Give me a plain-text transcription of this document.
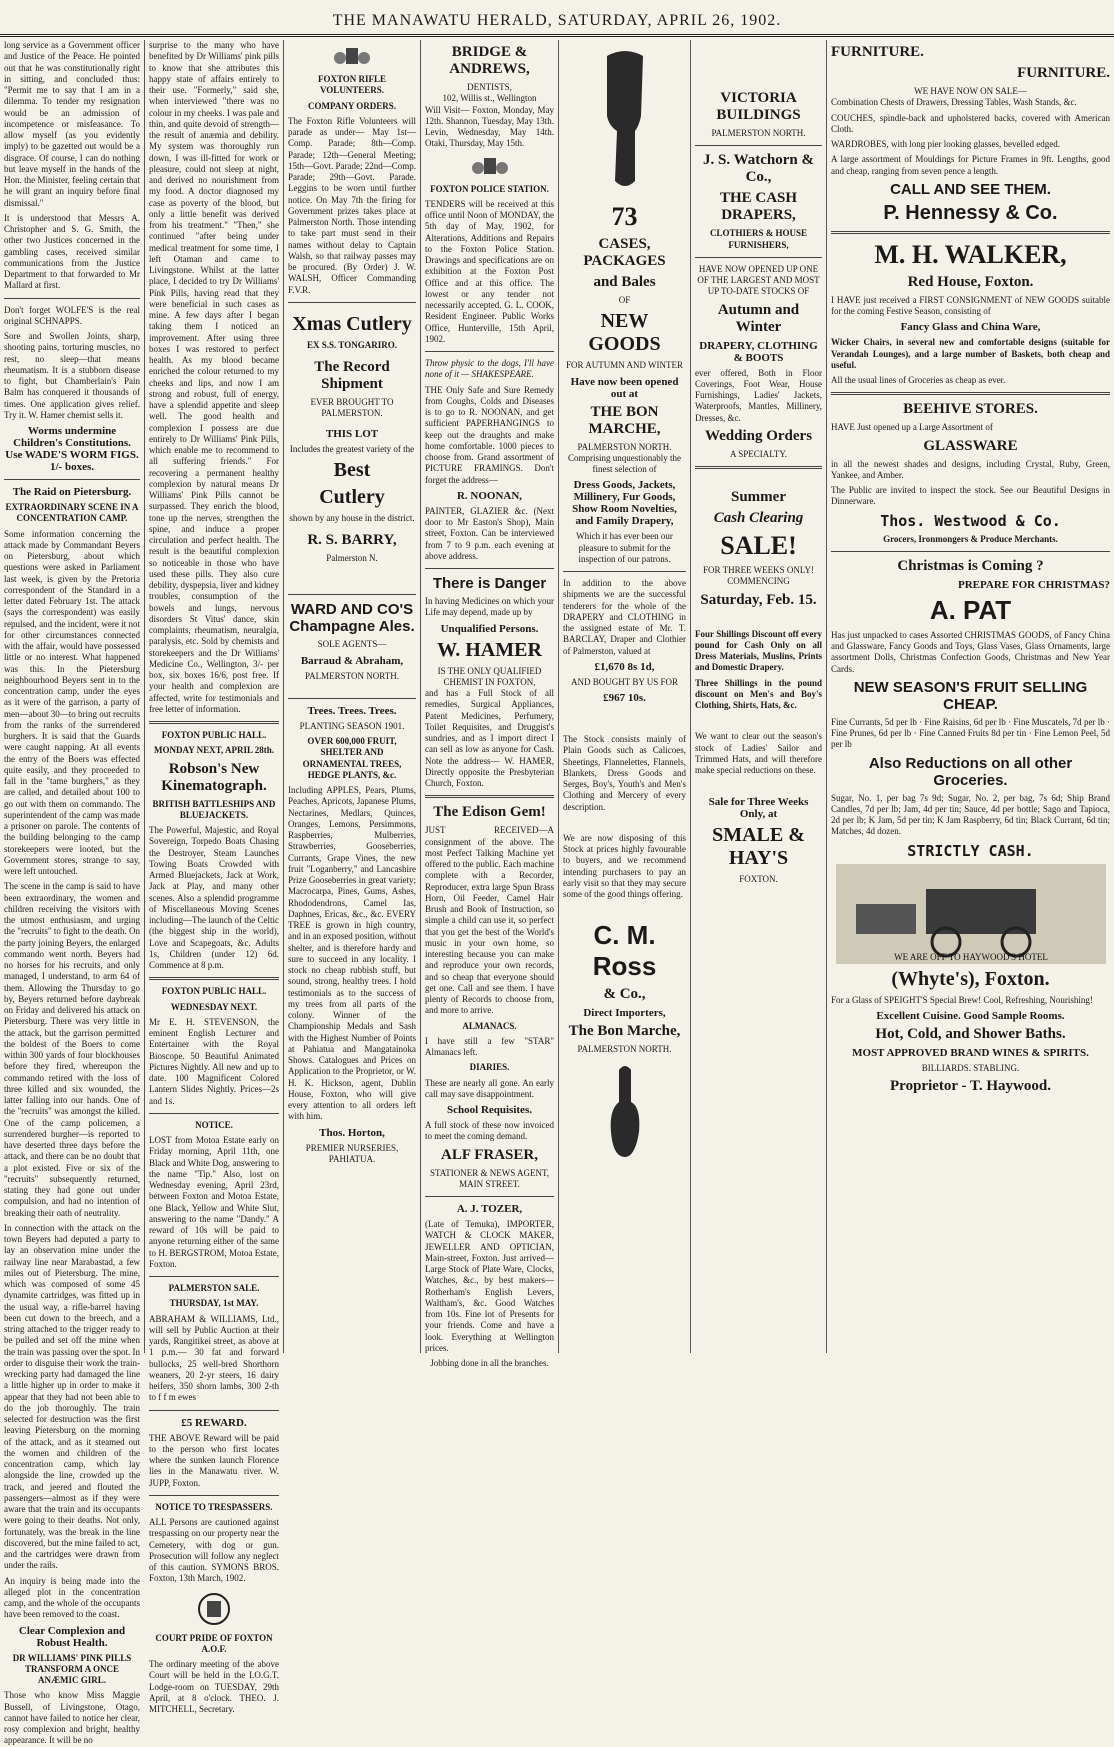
THE MANAWATU HERALD, SATURDAY, APRIL 26, 1902.

long service as a Government officer and Justice of the Peace. He pointed out that he was constitutionally right in sitting, and concluded thus: "Permit me to say that I am in a dilemma. To tender my resignation would be an admission of incompetence or misfeasance. To allow myself (as you evidently imply) to be gazetted out would be a disgrace. Of course, I can do nothing but leave myself in the hands of the Hon. the Minister, feeling certain that he will grant an inquiry before final dismissal."

It is understood that Messrs A. Christopher and S. G. Smith, the other two Justices concerned in the gambling cases, received similar communications from the Justice Department to that forwarded to Mr Mallard at first.

Don't forget WOLFE'S is the real original SCHNAPPS.

Sore and Swollen Joints, sharp, shooting pains, torturing muscles, no rest, no sleep—that means rheumatism. It is a stubborn disease to fight, but Chamberlain's Pain Balm has conquered it thousands of times. One application gives relief. Try it. W. Hamer chemist sells it.

Worms undermine Children's Constitutions. Use WADE'S WORM FIGS. 1/- boxes.
The Raid on Pietersburg.
EXTRAORDINARY SCENE IN A CONCENTRATION CAMP.

Some information concerning the attack made by Commandant Beyers on Pietersburg, about which questions were asked in Parliament last week, is given by the Pretoria correspondent of the Standard in a letter dated February 1st. The attack (says the correspondent) was easily repulsed, and the incident, were it not for other circumstances connected with the affair, would have possessed little or no interest. What happened was this. In the Pietersburg neighbourhood Beyers sent in to the concentration camp, under the eyes as it were of the garrison, a party of men—about 30—to bring out recruits from the ranks of the surrendered burghers. It is said that the Guards were caught napping. At all events the entry of the Boers was effected quite easily, and they proceeded to fall in the "tame burghers," as they are called, and detailed about 100 to go out with them on commando. The superintendent of the camp was made a prisoner on parole. The contents of the building belonging to the camp storekeepers were looted, but the Government stores, strange to say, were left untouched.

The scene in the camp is said to have been extraordinary, the women and children receiving the visitors with the utmost enthusiasm, and urging the "recruits" to fight to the death. On the party joining Beyers, the enlarged commando went north. Beyers had no horses for his recruits, and only managed, I understand, to arm 64 of them. Allowing the Thursday to go by, Beyers returned before daybreak on Friday and delivered his attack on Pietersburg. There was very little in the attack, but the garrison permitted the boldest of the Boers to come within 300 yards of four blockhouses before they fired, whereupon the commando retired with the loss of three killed and six wounded, the latter falling into our hands. One of the "recruits" was amongst the killed. One of the camp policemen, a surrendered burgher—is reported to have deserted three days before the attack, and there can be no doubt that a plot existed. Five or six of the "recruits" subsequently returned, stating they had gone out under compulsion, and had no intention of breaking their oath of neutrality.

In connection with the attack on the town Beyers had deputed a party to lay an observation mine under the railway line near Marabastad, a few miles out of Pietersburg. The mine, which was composed of some 45 dynamite cartridges, was fitted up in the usual way, a rifle-barrel having been cut down to the breech, and a string attached to the trigger ready to be pulled and set off the mine when the train was passing over the spot. In order to disguise their work the train-wrecking party had damaged the line a little higher up in order to make it appear that they had not been able to do the job thoroughly. The train selected for destruction was the first leaving Pietersburg on the morning of the attack, and as it steamed out the women and children of the concentration camp, which lay alongside the line, crowded up the track, and jeered and flouted the passengers—almost as if they were aware that the train and its occupants were going to their deaths. Not only, fortunately, was the break in the line discovered, but the mine failed to act, and the cartridges were drawn from under the rails.

An inquiry is being made into the alleged plot in the concentration camp, and the whole of the occupants have been removed to the coast.

Clear Complexion and Robust Health.
DR WILLIAMS' PINK PILLS TRANSFORM A ONCE ANÆMIC GIRL.

Those who know Miss Maggie Bussell, of Livingstone, Otago, cannot have failed to notice her clear, rosy complexion and bright, healthy appearance. It will be no

surprise to the many who have benefited by Dr Williams' pink pills to know that she attributes this happy state of affairs entirely to their use. "Formerly," said she, when interviewed "there was no colour in my cheeks. I was pale and thin, and quite devoid of strength—the result of anæmia and debility. My system was thoroughly run down, I was ill-fitted for work or pleasure, could not sleep at night, and derived no nourishment from my food. A doctor diagnosed my case as poverty of the blood, but only a little benefit was derived from his treatment." "Then," she continued "after being under medical treatment for some time, I left Otaman and came to Livingstone. Whilst at the latter place, I decided to try Dr Williams' Pink Pills, having read that they were beneficial in such cases as mine. A few days after I began taking them I noticed an improvement. After using three boxes I was restored to perfect health. As my blood became enriched the colour returned to my cheeks and lips, and now I am strong and robust, full of energy, have a splendid appetite and sleep well. The good health and complexion I possess are due entirely to Dr Williams' Pink Pills, which enable me to recommend to all suffering friends." For recovering a permanent healthy complexion by natural means Dr Williams' Pink Pills cannot be surpassed. They enrich the blood, tone up the nerves, strengthen the spine, and induce a proper circulation and perfect health. The result is the beautiful complexion so noticeable in those who have used these pills. They also cure debility, dyspepsia, liver and kidney troubles, consumption of the bowels and lungs, nervous disorders St Vitus' dance, skin complaints, rheumatism, neuralgia, paralysis, etc. Sold by chemists and storekeepers and the Dr Williams' Medicine Co., Wellington, 3/- per box, six boxes 16/6, post free. If your health and complexion are affected, write for testimonials and free letter of information.

FOXTON PUBLIC HALL.
MONDAY NEXT, APRIL 28th.
Robson's New Kinematograph.
BRITISH BATTLESHIPS AND BLUEJACKETS.

The Powerful, Majestic, and Royal Sovereign, Torpedo Boats Chasing the Destroyer, Steam Launches Towing Boats Crowded with Armed Bluejackets, Jack at Work, Jack at Play, and many other scenes. Also a splendid programme of Miscellaneous Moving Scenes including—The launch of the Celtic (the biggest ship in the world), Love and Scapegoats, &c. Adults 1s, Children (under 12) 6d. Commence at 8 p.m.

FOXTON PUBLIC HALL.
WEDNESDAY NEXT.

Mr E. H. STEVENSON, the eminent English Lecturer and Entertainer with the Royal Bioscope. 50 Beautiful Animated Pictures Nightly. All new and up to date. 100 Magnificent Colored Lantern Slides Nightly. Prices—2s and 1s.

NOTICE.

LOST from Motoa Estate early on Friday morning, April 11th, one Black and White Dog, answering to the name "Tip." Also, lost on Wednesday evening, April 23rd, between Foxton and Motoa Estate, one Black, Yellow and White Slut, answering to the name "Dandy." A reward of 10s will be paid to anyone returning either of the same to H. BERGSTROM, Motoa Estate, Foxton.

PALMERSTON SALE.
THURSDAY, 1st MAY.

ABRAHAM & WILLIAMS, Ltd., will sell by Public Auction at their yards, Rangitikei street, as above at 1 p.m.— 30 fat and forward bullocks, 25 well-bred Shorthorn weaners, 20 2-yr steers, 16 dairy heifers, 350 shorn lambs, 300 2-th to f f m ewes

£5 REWARD.

THE ABOVE Reward will be paid to the person who first locates where the sunken launch Florence lies in the Manawatu river. W. JUPP, Foxton.

NOTICE TO TRESPASSERS.

ALL Persons are cautioned against trespassing on our property near the Cemetery, with dog or gun. Prosecution will follow any neglect of this caution. SYMONS BROS. Foxton, 13th March, 1902.

COURT PRIDE OF FOXTON A.O.F.

The ordinary meeting of the above Court will be held in the I.O.G.T. Lodge-room on TUESDAY, 29th April, at 8 o'clock. THEO. J. MITCHELL, Secretary.

FOXTON RIFLE VOLUNTEERS.
COMPANY ORDERS.

The Foxton Rifle Volunteers will parade as under— May 1st—Comp. Parade; 8th—Comp. Parade; 12th—General Meeting; 15th—Govt. Parade; 22nd—Comp. Parade; 29th—Govt. Parade. Leggins to be worn until further notice. On May 7th the firing for Government prizes takes place at Palmerston North. Those intending to take part must send in their names without delay to Captain Walsh, so that railway passes may be procured. (By Order) J. W. WALSH, Officer Commanding F.V.R.

Xmas Cutlery
EX S.S. TONGARIRO.
The Record Shipment
EVER BROUGHT TO PALMERSTON.
THIS LOT
Includes the greatest variety of the
Best
Cutlery
shown by any house in the district.
R. S. BARRY,
Palmerston N.
WARD AND CO'S Champagne Ales.
SOLE AGENTS—
Barraud & Abraham,
PALMERSTON NORTH.
Trees. Trees. Trees.
PLANTING SEASON 1901.
OVER 600,000 FRUIT, SHELTER AND ORNAMENTAL TREES, HEDGE PLANTS, &c.

Including APPLES, Pears, Plums, Peaches, Apricots, Japanese Plums, Nectarines, Medlars, Quinces, Oranges, Lemons, Persimmons, Raspberries, Mulberries, Strawberries, Gooseberries, Currants, Grape Vines, the new fruit "Loganberry," and Lancashire Prize Gooseberries in great variety; Macrocarpa, Pines, Gums, Ashes, Rhododendrons, Camel Ias, Daphnes, Ericas, &c., &c. EVERY TREE is grown in high country, and in an exposed position, without shelter, and is therefore hardy and sure to succeed in any locality. I stock no cheap rubbish stuff, but sound, strong, healthy trees. I hold testimonials as to the success of my trees from all parts of the colony. Winner of the Championship Medals and Sash with the Highest Number of Points at Pahiatua and Mangatainoka Shows. Catalogues and Prices on Application to the Proprietor, or W. H. K. Hickson, agent, Dublin House, Foxton, who will give every attention to all orders left with him.

Thos. Horton,
PREMIER NURSERIES, PAHIATUA.
BRIDGE & ANDREWS,
DENTISTS,
102, Willis st., Wellington

Will Visit— Foxton, Monday, May 12th. Shannon, Tuesday, May 13th. Levin, Wednesday, May 14th. Otaki, Thursday, May 15th.

FOXTON POLICE STATION.

TENDERS will be received at this office until Noon of MONDAY, the 5th day of May, 1902, for Alterations, Additions and Repairs to the Foxton Police Station. Drawings and specifications are on exhibition at the Foxton Post Office and at this office. The lowest or any tender not necessarily accepted. G. L. COOK, Resident Engineer. Public Works Office, Hunterville, 15th April, 1902.

Throw physic to the dogs, I'll have none of it — SHAKESPEARE.

THE Only Safe and Sure Remedy from Coughs, Colds and Diseases is to go to R. NOONAN, and get sufficient PAPERHANGINGS to keep out the draughts and make home comfortable. 1000 pieces to choose from. Grand assortment of PICTURE FRAMINGS. Don't forget the address—

R. NOONAN,

PAINTER, GLAZIER &c. (Next door to Mr Easton's Shop), Main street, Foxton. Can be interviewed from 7 to 9 p.m. each evening at above address.

There is Danger

In having Medicines on which your Life may depend, made up by

Unqualified Persons.
W. HAMER
IS THE ONLY QUALIFIED CHEMIST IN FOXTON,

and has a Full Stock of all remedies, Surgical Appliances, Patent Medicines, Perfumery, Toilet Requisites, and Druggist's sundries, and as I import direct I can sell as low as anyone for Cash. Note the address— W. HAMER, Directly opposite the Presbyterian Church, Foxton.

The Edison Gem!

JUST RECEIVED—A consignment of the above. The most Perfect Talking Machine yet offered to the public. Each machine complete with a Recorder, Reproducer, extra large Spun Brass Horn, Oil Feeder, Camel Hair Brush and Book of Instruction, so simple a child can use it, so perfect that you get the best of the World's music in your own home, so interesting because you can make and reproduce your own records, and so cheap that everyone should get one. Call and see them. I have plenty of Records to choose from, and more to arrive.

ALMANACS.

I have still a few "STAR" Almanacs left.

DIARIES.

These are nearly all gone. An early call may save disappointment.

School Requisites.

A full stock of these now invoiced to meet the coming demand.

ALF FRASER,
STATIONER & NEWS AGENT, MAIN STREET.
A. J. TOZER,

(Late of Temuka), IMPORTER, WATCH & CLOCK MAKER, JEWELLER AND OPTICIAN, Main-street, Foxton. Just arrived—Large Stock of Plate Ware, Clocks, Watches, &c., by best makers—Rotherham's English Levers, Waltham's, &c. Good Watches from 10s. Fine lot of Presents for your friends. Come and have a look. Everything at Wellington prices.

Jobbing done in all the branches.
73
CASES, PACKAGES
and Bales
OF
NEW GOODS
FOR AUTUMN AND WINTER
Have now been opened out at
THE BON MARCHE,
PALMERSTON NORTH.
Comprising unquestionably the finest selection of
Dress Goods, Jackets, Millinery, Fur Goods, Show Room Novelties, and Family Drapery,
Which it has ever been our pleasure to submit for the inspection of our patrons.

In addition to the above shipments we are the successful tenderers for the whole of the DRAPERY and CLOTHING in the assigned estate of Mr. T. BARCLAY, Draper and Clothier of Palmerston, valued at

£1,670 8s 1d,
AND BOUGHT BY US FOR
£967 10s.

The Stock consists mainly of Plain Goods such as Calicoes, Sheetings, Flannelettes, Flannels, Blankets, Dress Goods and Serges, Boy's, Youth's and Men's Clothing and Mercery of every description.

We are now disposing of this Stock at prices highly favourable to buyers, and we recommend intending purchasers to pay an early visit so that they may secure some of the good things offering.

C. M. Ross
& Co.,
Direct Importers,
The Bon Marche,
PALMERSTON NORTH.
VICTORIA BUILDINGS
PALMERSTON NORTH.
J. S. Watchorn & Co.,
THE CASH DRAPERS,
CLOTHIERS & HOUSE FURNISHERS,
HAVE NOW OPENED UP ONE OF THE LARGEST AND MOST UP TO-DATE STOCKS OF
Autumn and Winter
DRAPERY, CLOTHING & BOOTS

ever offered, Both in Floor Coverings, Foot Wear, House Furnishings, Ladies' Jackets, Waterproofs, Mantles, Millinery, Dresses, &c.

Wedding Orders
A SPECIALTY.
Summer
Cash Clearing
SALE!
FOR THREE WEEKS ONLY!
COMMENCING
Saturday, Feb. 15.

Four Shillings Discount off every pound for Cash Only on all Dress Materials, Muslins, Prints and Domestic Drapery.

Three Shillings in the pound discount on Men's and Boy's Clothing, Shirts, Hats, &c.

We want to clear out the season's stock of Ladies' Sailor and Trimmed Hats, and will therefore make special reductions on these.

Sale for Three Weeks Only, at
SMALE & HAY'S
FOXTON.
FURNITURE.
FURNITURE.
WE HAVE NOW ON SALE—

Combination Chests of Drawers, Dressing Tables, Wash Stands, &c.

COUCHES, spindle-back and upholstered backs, covered with American Cloth.

WARDROBES, with long pier looking glasses, bevelled edged.

A large assortment of Mouldings for Picture Frames in 9ft. Lengths, good and cheap, ranging from seven pence a length.

CALL AND SEE THEM.
P. Hennessy & Co.
M. H. WALKER,
Red House, Foxton.

I HAVE just received a FIRST CONSIGNMENT of NEW GOODS suitable for the coming Festive Season, consisting of

Fancy Glass and China Ware,

Wicker Chairs, in several new and comfortable designs (suitable for Verandah Lounges), and a large number of Baskets, both cheap and useful.

All the usual lines of Groceries as cheap as ever.

BEEHIVE STORES.

HAVE Just opened up a Large Assortment of

GLASSWARE

in all the newest shades and designs, including Crystal, Ruby, Green, Yankee, and Amber.

The Public are invited to inspect the stock. See our Beautiful Designs in Dinnerware.

Thos. Westwood & Co.
Grocers, Ironmongers & Produce Merchants.
Christmas is Coming ?
PREPARE FOR CHRISTMAS?
A. PAT

Has just unpacked to cases Assorted CHRISTMAS GOODS, of Fancy China and Glassware, Fancy Goods and Toys, Glass Vases, Glass Ornaments, large assortment Dolls, Christmas Confection Goods, Christmas and New Year Cards.

NEW SEASON'S FRUIT SELLING CHEAP.

Fine Currants, 5d per lb · Fine Raisins, 6d per lb · Fine Muscatels, 7d per lb · Fine Prunes, 6d per lb · Fine Canned Fruits 8d per tin · Fine Lemon Peel, 5d per lb

Also Reductions on all other Groceries.

Sugar, No. 1, per bag 7s 9d; Sugar, No. 2, per bag, 7s 6d; Ship Brand Candles, 7d per lb; Jam, 4d per tin; Sauce, 4d per bottle; Sago and Tapioca, 2d per lb; K Jam, 5d per tin; K Jam Raspberry, 6d tin; Black Currant, 6d tin; Matches, 4d dozen.

STRICTLY CASH.
WE ARE OFF TO HAYWOOD'S HOTEL
(Whyte's), Foxton.

For a Glass of SPEIGHT'S Special Brew! Cool, Refreshing, Nourishing!

Excellent Cuisine. Good Sample Rooms.
Hot, Cold, and Shower Baths.
MOST APPROVED BRAND WINES & SPIRITS.
BILLIARDS. STABLING.
Proprietor - T. Haywood.
